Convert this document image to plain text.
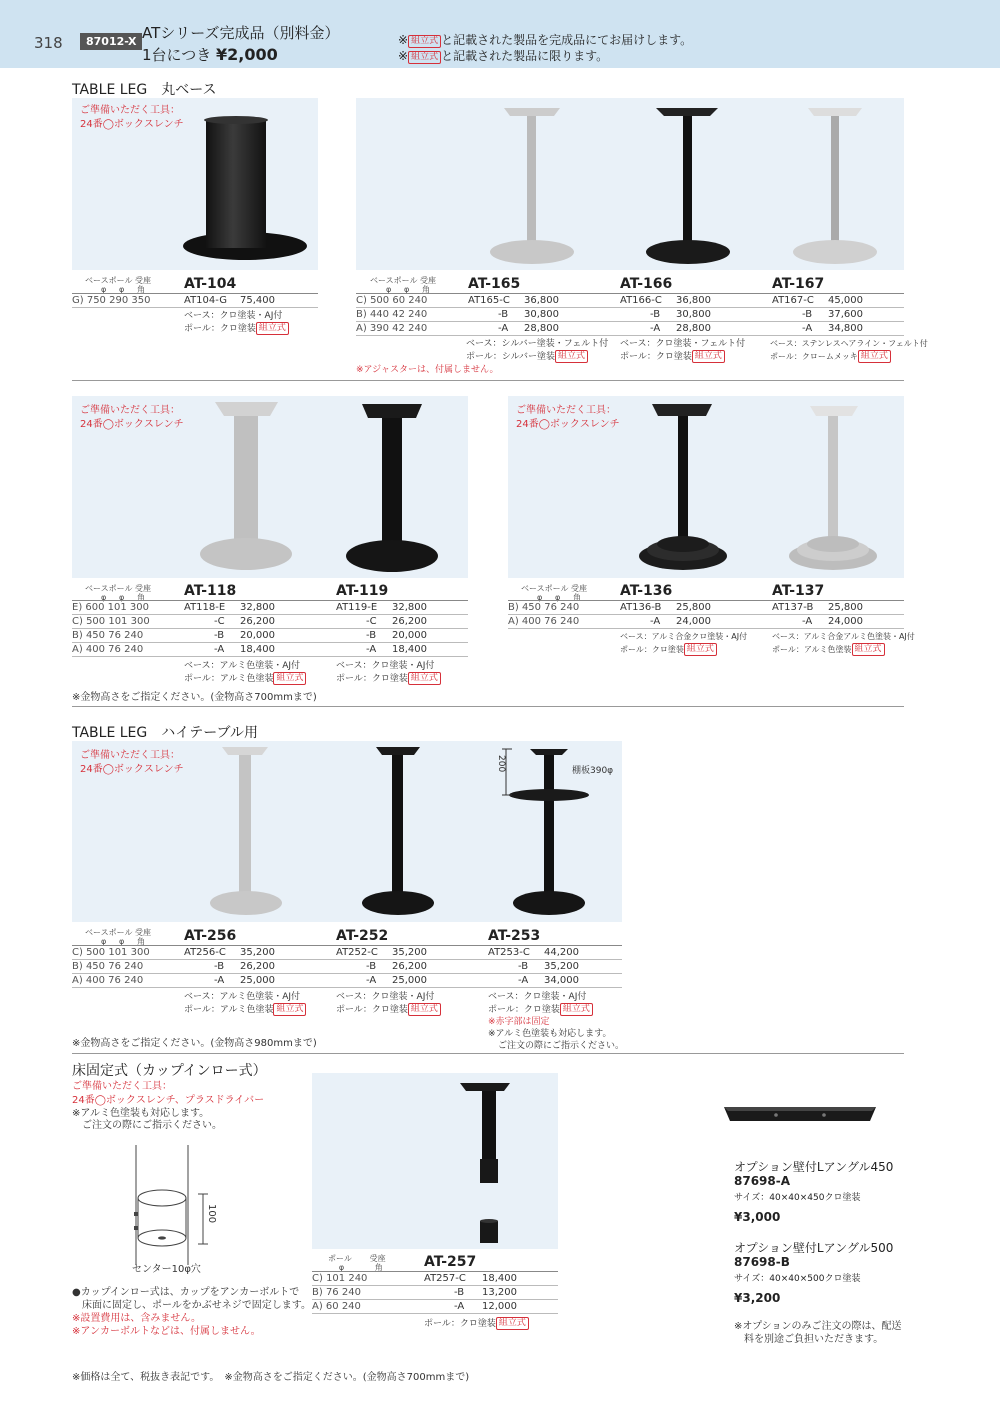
318	87012-X ATシリーズ完成品（別料金）
1台につき ¥2,000
※ 組立式 と記載された製品を完成品にてお届けします。
※ 組立式 と記載された製品に限ります。
TABLE LEG　丸ベース
ご準備いただく工具：
24番◯ボックスレンチ
ベースポール 受座
φ φ 角	AT-104
G) 750 290 350	AT104-G 75,400
ベース：クロ塗装・AJ付
ポール：クロ塗装 組立式
ベースポール 受座
φ φ 角	AT-165	AT-166	AT-167
C) 500 60 240	AT165-C 36,800	AT166-C 36,800	AT167-C 45,000
B) 440 42 240	-B 30,800	-B 30,800	-B 37,600
A) 390 42 240	-A 28,800	-A 28,800	-A 34,800
ベース：シルバー塗装・フェルト付
ポール：シルバー塗装 組立式
ベース：クロ塗装・フェルト付
ポール：クロ塗装 組立式
ベース：ステンレスヘアライン・フェルト付
ポール：クロームメッキ 組立式
※アジャスターは、付属しません。
ご準備いただく工具：
24番◯ボックスレンチ
ご準備いただく工具：
24番◯ボックスレンチ
ベースポール 受座
φ φ 角	AT-118	AT-119
E) 600 101 300	AT118-E 32,800	AT119-E 32,800
C) 500 101 300	-C 26,200	-C 26,200
B) 450 76 240	-B 20,000	-B 20,000
A) 400 76 240	-A 18,400	-A 18,400
ベース：アルミ色塗装・AJ付
ポール：アルミ色塗装 組立式
ベース：クロ塗装・AJ付
ポール：クロ塗装 組立式
ベースポール 受座
φ φ 角	AT-136	AT-137
B) 450 76 240	AT136-B 25,800	AT137-B 25,800
A) 400 76 240	-A 24,000	-A 24,000
ベース：アルミ合金クロ塗装・AJ付
ポール：クロ塗装 組立式
ベース：アルミ合金アルミ色塗装・AJ付
ポール：アルミ色塗装 組立式
※金物高さをご指定ください。(金物高さ700mmまで)
TABLE LEG　ハイテーブル用
ご準備いただく工具：
24番◯ボックスレンチ	200	棚板390φ
ベースポール 受座
φ φ 角	AT-256	AT-252	AT-253
C) 500 101 300	AT256-C 35,200	AT252-C 35,200	AT253-C 44,200
B) 450 76 240	-B 26,200	-B 26,200	-B 35,200
A) 400 76 240	-A 25,000	-A 25,000	-A 34,000
ベース：アルミ色塗装・AJ付
ポール：アルミ色塗装 組立式
ベース：クロ塗装・AJ付
ポール：クロ塗装 組立式
ベース：クロ塗装・AJ付
ポール：クロ塗装 組立式
※赤字部は固定
※アルミ色塗装も対応します。
ご注文の際にご指示ください。
※金物高さをご指定ください。(金物高さ980mmまで)
床固定式（カップインロー式）
ご準備いただく工具：
24番◯ボックスレンチ、プラスドライバー
※アルミ色塗装も対応します。
ご注文の際にご指示ください。
100
センター10φ穴
●カップインロー式は、カップをアンカーボルトで
床面に固定し、ポールをかぶせネジで固定します。
※設置費用は、含みません。
※アンカーボルトなどは、付属しません。
ポール 受座
φ	角	AT-257
C) 101 240	AT257-C 18,400
B) 76 240	-B 13,200
A) 60 240	-A 12,000
ポール：クロ塗装 組立式
オプション壁付Lアングル450
87698-A
サイズ：40×40×450クロ塗装
¥3,000
オプション壁付Lアングル500
87698-B
サイズ：40×40×500クロ塗装
¥3,200
※オプションのみご注文の際は、配送
料を別途ご負担いただきます。
※価格は全て、税抜き表記です。　※金物高さをご指定ください。(金物高さ700mmまで)
